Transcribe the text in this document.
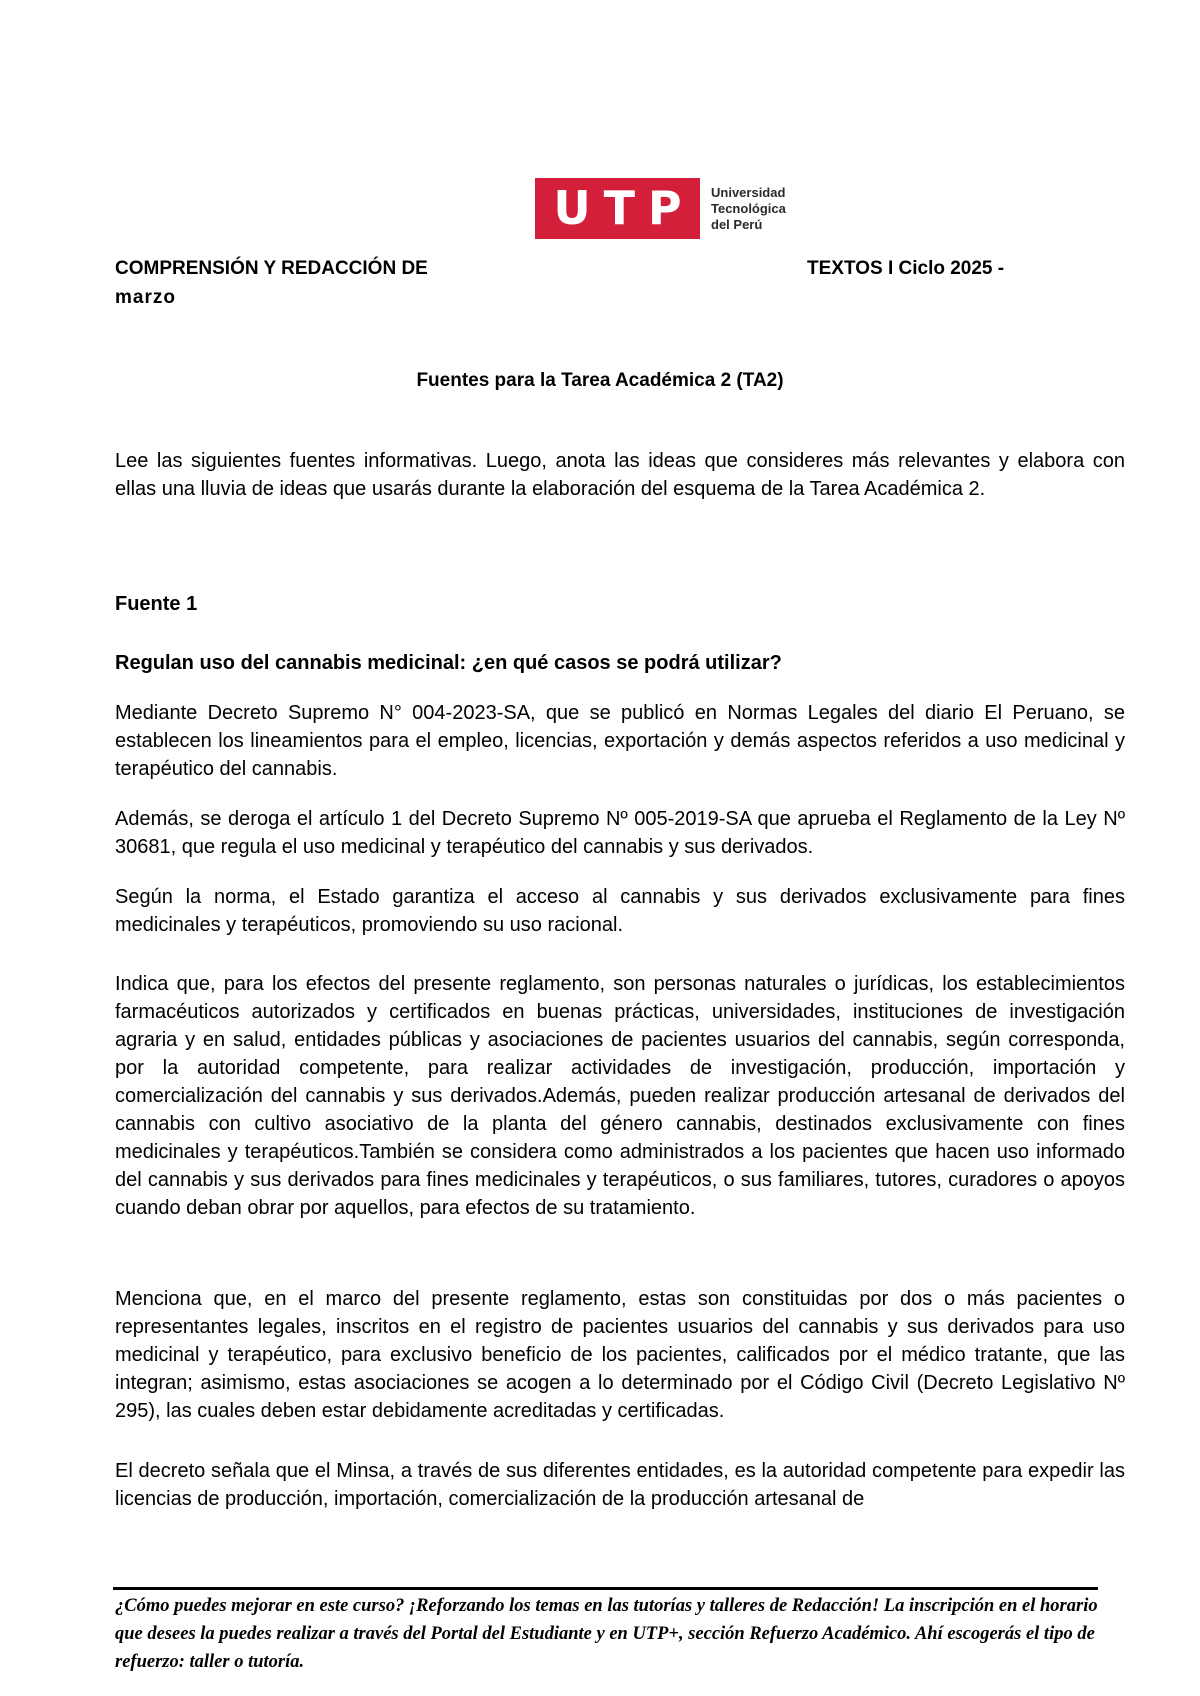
U T P Universidad
Tecnológica
del Perú
COMPRENSIÓN Y REDACCIÓN DE	TEXTOS I Ciclo 2025 -
marzo
Fuentes para la Tarea Académica 2 (TA2)
Lee las siguientes fuentes informativas. Luego, anota las ideas que consideres más relevantes y elabora con ellas una lluvia de ideas que usarás durante la elaboración del esquema de la Tarea Académica 2.
Fuente 1
Regulan uso del cannabis medicinal: ¿en qué casos se podrá utilizar?
Mediante Decreto Supremo N° 004-2023-SA, que se publicó en Normas Legales del diario El Peruano, se establecen los lineamientos para el empleo, licencias, exportación y demás aspectos referidos a uso medicinal y terapéutico del cannabis.
Además, se deroga el artículo 1 del Decreto Supremo Nº 005-2019-SA que aprueba el Reglamento de la Ley Nº 30681, que regula el uso medicinal y terapéutico del cannabis y sus derivados.
Según la norma, el Estado garantiza el acceso al cannabis y sus derivados exclusivamente para fines medicinales y terapéuticos, promoviendo su uso racional.
Indica que, para los efectos del presente reglamento, son personas naturales o jurídicas, los establecimientos farmacéuticos autorizados y certificados en buenas prácticas, universidades, instituciones de investigación agraria y en salud, entidades públicas y asociaciones de pacientes usuarios del cannabis, según corresponda, por la autoridad competente, para realizar actividades de investigación, producción, importación y comercialización del cannabis y sus derivados.Además, pueden realizar producción artesanal de derivados del cannabis con cultivo asociativo de la planta del género cannabis, destinados exclusivamente con fines medicinales y terapéuticos.También se considera como administrados a los pacientes que hacen uso informado del cannabis y sus derivados para fines medicinales y terapéuticos, o sus familiares, tutores, curadores o apoyos cuando deban obrar por aquellos, para efectos de su tratamiento.
Menciona que, en el marco del presente reglamento, estas son constituidas por dos o más pacientes o representantes legales, inscritos en el registro de pacientes usuarios del cannabis y sus derivados para uso medicinal y terapéutico, para exclusivo beneficio de los pacientes, calificados por el médico tratante, que las integran; asimismo, estas asociaciones se acogen a lo determinado por el Código Civil (Decreto Legislativo Nº 295), las cuales deben estar debidamente acreditadas y certificadas.
El decreto señala que el Minsa, a través de sus diferentes entidades, es la autoridad competente para expedir las licencias de producción, importación, comercialización de la producción artesanal de
¿Cómo puedes mejorar en este curso? ¡Reforzando los temas en las tutorías y talleres de Redacción! La inscripción en el horario que desees la puedes realizar a través del Portal del Estudiante y en UTP+, sección Refuerzo Académico. Ahí escogerás el tipo de refuerzo: taller o tutoría.
